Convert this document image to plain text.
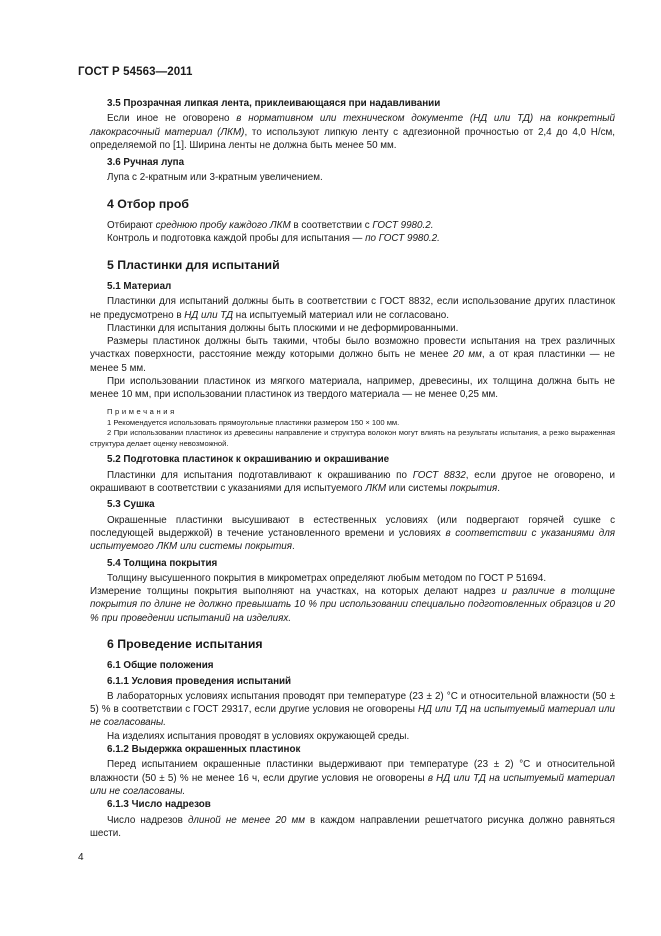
ГОСТ Р 54563—2011
3.5 Прозрачная липкая лента, приклеивающаяся при надавливании

Если иное не оговорено в нормативном или техническом документе (НД или ТД) на конкретный лакокрасочный материал (ЛКМ), то используют липкую ленту с адгезионной прочностью от 2,4 до 4,0 Н/см, определяемой по [1]. Ширина ленты не должна быть менее 50 мм.

3.6 Ручная лупа

Лупа с 2-кратным или 3-кратным увеличением.

4 Отбор проб

Отбирают среднюю пробу каждого ЛКМ в соответствии с ГОСТ 9980.2.

Контроль и подготовка каждой пробы для испытания — по ГОСТ 9980.2.

5 Пластинки для испытаний
5.1 Материал

Пластинки для испытаний должны быть в соответствии с ГОСТ 8832, если использование других пластинок не предусмотрено в НД или ТД на испытуемый материал или не согласовано.

Пластинки для испытания должны быть плоскими и не деформированными.

Размеры пластинок должны быть такими, чтобы было возможно провести испытания на трех различных участках поверхности, расстояние между которыми должно быть не менее 20 мм, а от края пластинки — не менее 5 мм.

При использовании пластинок из мягкого материала, например, древесины, их толщина должна быть не менее 10 мм, при использовании пластинок из твердого материала — не менее 0,25 мм.

Примечания

1 Рекомендуется использовать прямоугольные пластинки размером 150 × 100 мм.

2 При использовании пластинок из древесины направление и структура волокон могут влиять на результаты испытания, а резко выраженная структура делает оценку невозможной.

5.2 Подготовка пластинок к окрашиванию и окрашивание

Пластинки для испытания подготавливают к окрашиванию по ГОСТ 8832, если другое не оговорено, и окрашивают в соответствии с указаниями для испытуемого ЛКМ или системы покрытия.

5.3 Сушка

Окрашенные пластинки высушивают в естественных условиях (или подвергают горячей сушке с последующей выдержкой) в течение установленного времени и условиях в соответствии с указаниями для испытуемого ЛКМ или системы покрытия.

5.4 Толщина покрытия

Толщину высушенного покрытия в микрометрах определяют любым методом по ГОСТ Р 51694.

Измерение толщины покрытия выполняют на участках, на которых делают надрез и различие в толщине покрытия по длине не должно превышать 10 % при использовании специально подготовленных образцов и 20 % при проведении испытаний на изделиях.

6 Проведение испытания
6.1 Общие положения
6.1.1 Условия проведения испытаний

В лабораторных условиях испытания проводят при температуре (23 ± 2) °С и относительной влажности (50 ± 5) % в соответствии с ГОСТ 29317, если другие условия не оговорены НД или ТД на испытуемый материал или не согласованы.

На изделиях испытания проводят в условиях окружающей среды.

6.1.2 Выдержка окрашенных пластинок

Перед испытанием окрашенные пластинки выдерживают при температуре (23 ± 2) °С и относительной влажности (50 ± 5) % не менее 16 ч, если другие условия не оговорены в НД или ТД на испытуемый материал или не согласованы.

6.1.3 Число надрезов

Число надрезов длиной не менее 20 мм в каждом направлении решетчатого рисунка должно равняться шести.

4
